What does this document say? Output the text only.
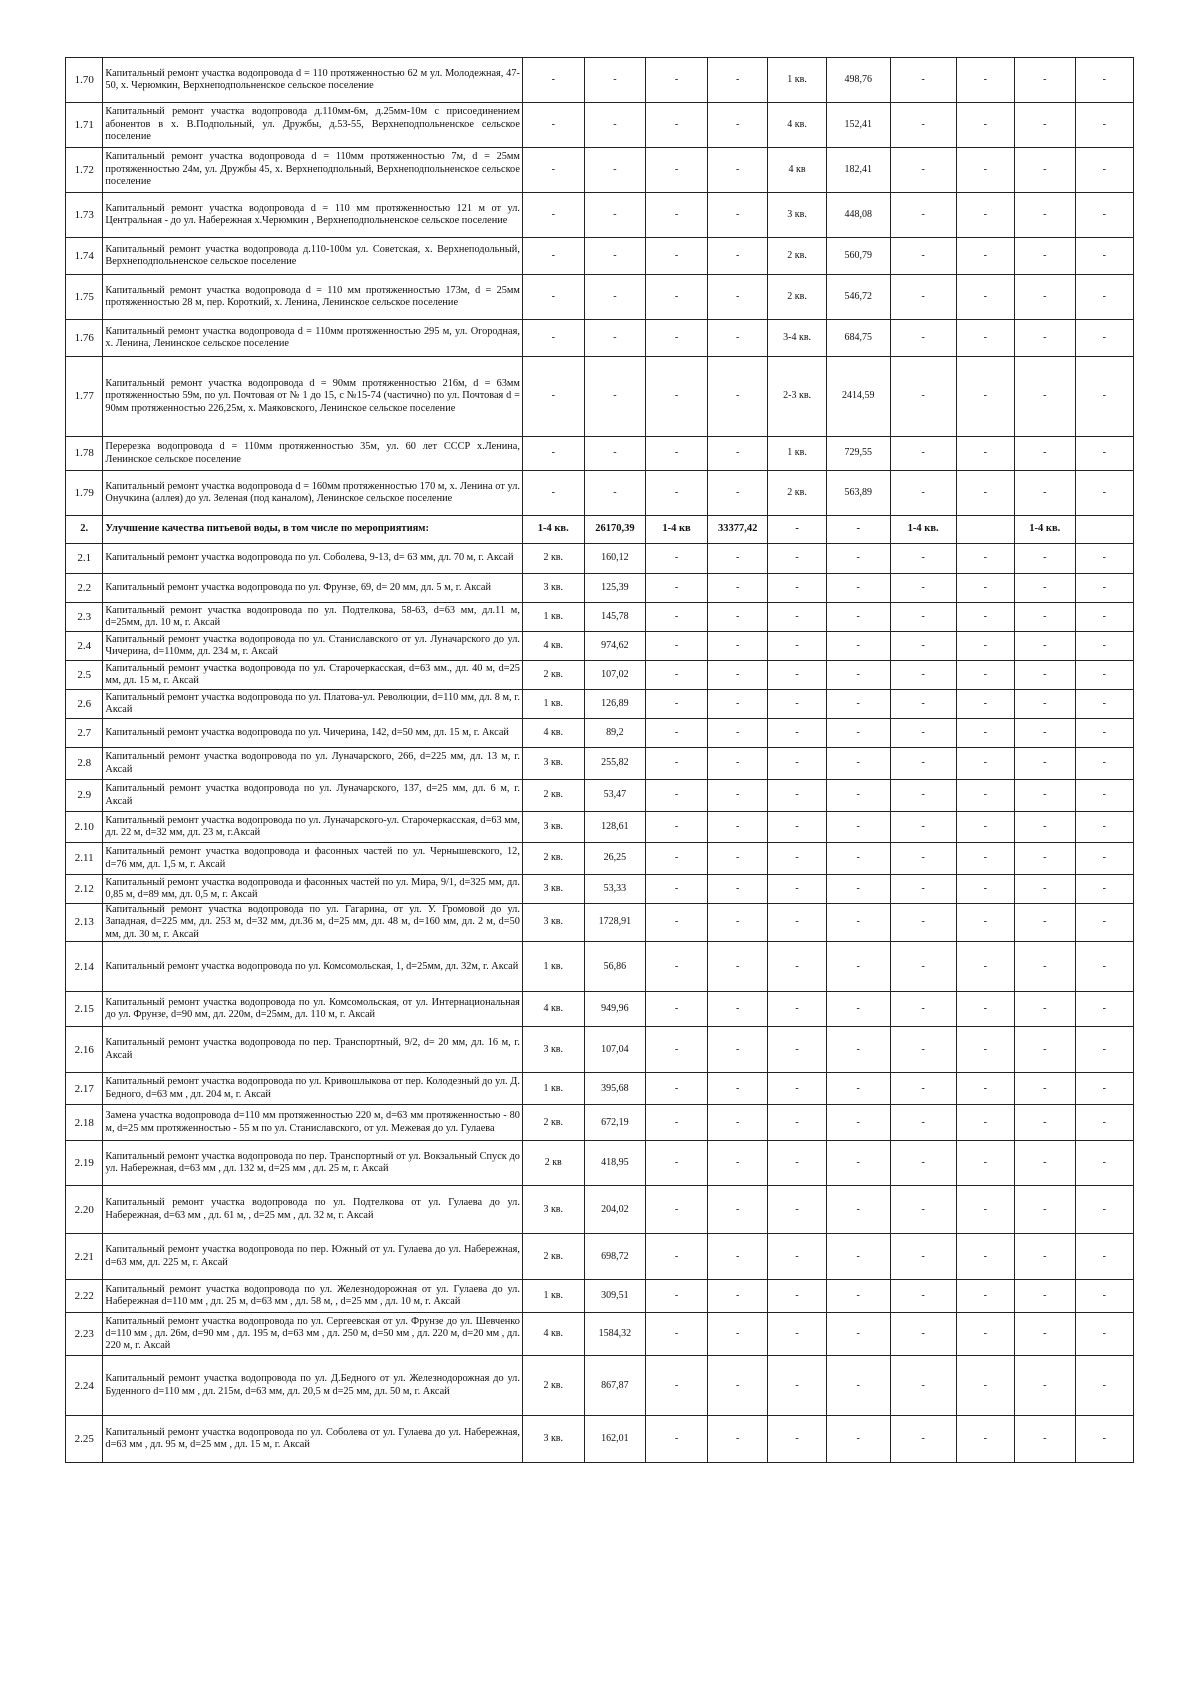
1.70	Капитальный ремонт участка водопровода d = 110 протяженностью 62 м ул. Молодежная, 47-50, х. Черюмкин, Верхнеподпольненское сельское поселение	-	-	-	-	1 кв.	498,76	-	-	-	-
1.71	Капитальный ремонт участка водопровода д.110мм-6м, д.25мм-10м с присоединением абонентов в х. В.Подпольный, ул. Дружбы, д.53-55, Верхнеподпольненское сельское поселение	-	-	-	-	4 кв.	152,41	-	-	-	-
1.72	Капитальный ремонт участка водопровода d = 110мм протяженностью 7м, d = 25мм протяженностью 24м, ул. Дружбы 45, х. Верхнеподпольный, Верхнеподпольненское сельское поселение	-	-	-	-	4 кв	182,41	-	-	-	-
1.73	Капитальный ремонт участка водопровода d = 110 мм протяженностью 121 м от ул. Центральная - до ул. Набережная х.Черюмкин , Верхнеподпольненское сельское поселение	-	-	-	-	3 кв.	448,08	-	-	-	-
1.74	Капитальный ремонт участка водопровода д.110-100м ул. Советская, х. Верхнеподольный, Верхнеподпольненское сельское поселение	-	-	-	-	2 кв.	560,79	-	-	-	-
1.75	Капитальный ремонт участка водопровода d = 110 мм протяженностью 173м, d = 25мм протяженностью 28 м, пер. Короткий, х. Ленина, Ленинское сельское поселение	-	-	-	-	2 кв.	546,72	-	-	-	-
1.76	Капитальный ремонт участка водопровода d = 110мм протяженностью 295 м, ул. Огородная, х. Ленина, Ленинское сельское поселение	-	-	-	-	3-4 кв.	684,75	-	-	-	-
1.77	Капитальный ремонт участка водопровода d = 90мм протяженностью 216м, d = 63мм протяженностью 59м, по ул. Почтовая от № 1 до 15, с №15-74 (частично) по ул. Почтовая d = 90мм протяженностью 226,25м, х. Маяковского, Ленинское сельское поселение	-	-	-	-	2-3 кв.	2414,59	-	-	-	-
1.78	Перерезка водопровода d = 110мм протяженностью 35м, ул. 60 лет СССР х.Ленина, Ленинское сельское поселение	-	-	-	-	1 кв.	729,55	-	-	-	-
1.79	Капитальный ремонт участка водопровода d = 160мм протяженностью 170 м, х. Ленина от ул. Онучкина (аллея) до ул. Зеленая (под каналом), Ленинское сельское поселение	-	-	-	-	2 кв.	563,89	-	-	-	-
2.	Улучшение качества питьевой воды, в том числе по мероприятиям:	1-4 кв.	26170,39	1-4 кв	33377,42	-	-	1-4 кв.		1-4 кв.	
2.1	Капитальный ремонт участка водопровода по ул. Соболева, 9-13, d= 63 мм, дл. 70 м, г. Аксай	2 кв.	160,12	-	-	-	-	-	-	-	-
2.2	Капитальный ремонт участка водопровода по ул. Фрунзе, 69, d= 20 мм, дл. 5 м, г. Аксай	3 кв.	125,39	-	-	-	-	-	-	-	-
2.3	Капитальный ремонт участка водопровода по ул. Подтелкова, 58-63, d=63 мм, дл.11 м, d=25мм, дл. 10 м, г. Аксай	1 кв.	145,78	-	-	-	-	-	-	-	-
2.4	Капитальный ремонт участка водопровода по ул. Станиславского от ул. Луначарского до ул. Чичерина, d=110мм, дл. 234 м, г. Аксай	4 кв.	974,62	-	-	-	-	-	-	-	-
2.5	Капитальный ремонт участка водопровода по ул. Старочеркасская, d=63 мм., дл. 40 м, d=25 мм, дл. 15 м, г. Аксай	2 кв.	107,02	-	-	-	-	-	-	-	-
2.6	Капитальный ремонт участка водопровода по ул. Платова-ул. Революции, d=110 мм, дл. 8 м, г. Аксай	1 кв.	126,89	-	-	-	-	-	-	-	-
2.7	Капитальный ремонт участка водопровода по ул. Чичерина, 142, d=50 мм, дл. 15 м, г. Аксай	4 кв.	89,2	-	-	-	-	-	-	-	-
2.8	Капитальный ремонт участка водопровода по ул. Луначарского, 266, d=225 мм, дл. 13 м, г. Аксай	3 кв.	255,82	-	-	-	-	-	-	-	-
2.9	Капитальный ремонт участка водопровода по ул. Луначарского, 137, d=25 мм, дл. 6 м, г. Аксай	2 кв.	53,47	-	-	-	-	-	-	-	-
2.10	Капитальный ремонт участка водопровода по ул. Луначарского-ул. Старочеркасская, d=63 мм, дл. 22 м, d=32 мм, дл. 23 м, г.Аксай	3 кв.	128,61	-	-	-	-	-	-	-	-
2.11	Капитальный ремонт участка водопровода и фасонных частей по ул. Чернышевского, 12, d=76 мм, дл. 1,5 м, г. Аксай	2 кв.	26,25	-	-	-	-	-	-	-	-
2.12	Капитальный ремонт участка водопровода и фасонных частей по ул. Мира, 9/1, d=325 мм, дл. 0,85 м, d=89 мм, дл. 0,5 м, г. Аксай	3 кв.	53,33	-	-	-	-	-	-	-	-
2.13	Капитальный ремонт участка водопровода по ул. Гагарина, от ул. У. Громовой до ул. Западная, d=225 мм, дл. 253 м, d=32 мм, дл.36 м, d=25 мм, дл. 48 м, d=160 мм, дл. 2 м, d=50 мм, дл. 30 м, г. Аксай	3 кв.	1728,91	-	-	-	-	-	-	-	-
2.14	Капитальный ремонт участка водопровода по ул. Комсомольская, 1, d=25мм, дл. 32м, г. Аксай	1 кв.	56,86	-	-	-	-	-	-	-	-
2.15	Капитальный ремонт участка водопровода по ул. Комсомольская, от ул. Интернациональная до ул. Фрунзе, d=90 мм, дл. 220м, d=25мм, дл. 110 м, г. Аксай	4 кв.	949,96	-	-	-	-	-	-	-	-
2.16	Капитальный ремонт участка водопровода по пер. Транспортный, 9/2, d= 20 мм, дл. 16 м, г. Аксай	3 кв.	107,04	-	-	-	-	-	-	-	-
2.17	Капитальный ремонт участка водопровода по ул. Кривошлыкова от пер. Колодезный до ул. Д. Бедного, d=63 мм , дл. 204 м, г. Аксай	1 кв.	395,68	-	-	-	-	-	-	-	-
2.18	Замена участка водопровода d=110 мм протяженностью 220 м, d=63 мм протяженностью - 80 м, d=25 мм протяженностью - 55 м по ул. Станиславского, от ул. Межевая до ул. Гулаева	2 кв.	672,19	-	-	-	-	-	-	-	-
2.19	Капитальный ремонт участка водопровода по пер. Транспортный от ул. Вокзальный Спуск до ул. Набережная, d=63 мм , дл. 132 м, d=25 мм , дл. 25 м, г. Аксай	2 кв	418,95	-	-	-	-	-	-	-	-
2.20	Капитальный ремонт участка водопровода по ул. Подтелкова от ул. Гулаева до ул. Набережная, d=63 мм , дл. 61 м, , d=25 мм , дл. 32 м, г. Аксай	3 кв.	204,02	-	-	-	-	-	-	-	-
2.21	Капитальный ремонт участка водопровода по пер. Южный от ул. Гулаева до ул. Набережная, d=63 мм, дл. 225 м, г. Аксай	2 кв.	698,72	-	-	-	-	-	-	-	-
2.22	Капитальный ремонт участка водопровода по ул. Железнодорожная от ул. Гулаева до ул. Набережная d=110 мм , дл. 25 м, d=63 мм , дл. 58 м, , d=25 мм , дл. 10 м, г. Аксай	1 кв.	309,51	-	-	-	-	-	-	-	-
2.23	Капитальный ремонт участка водопровода по ул. Сергеевская от ул. Фрунзе до ул. Шевченко d=110 мм , дл. 26м, d=90 мм , дл. 195 м, d=63 мм , дл. 250 м, d=50 мм , дл. 220 м, d=20 мм , дл. 220 м, г. Аксай	4 кв.	1584,32	-	-	-	-	-	-	-	-
2.24	Капитальный ремонт участка водопровода по ул. Д.Бедного от ул. Железнодорожная до ул. Буденного d=110 мм , дл. 215м, d=63 мм, дл. 20,5 м d=25 мм, дл. 50 м, г. Аксай	2 кв.	867,87	-	-	-	-	-	-	-	-
2.25	Капитальный ремонт участка водопровода по ул. Соболева от ул. Гулаева до ул. Набережная, d=63 мм , дл. 95 м, d=25 мм , дл. 15 м, г. Аксай	3 кв.	162,01	-	-	-	-	-	-	-	-
